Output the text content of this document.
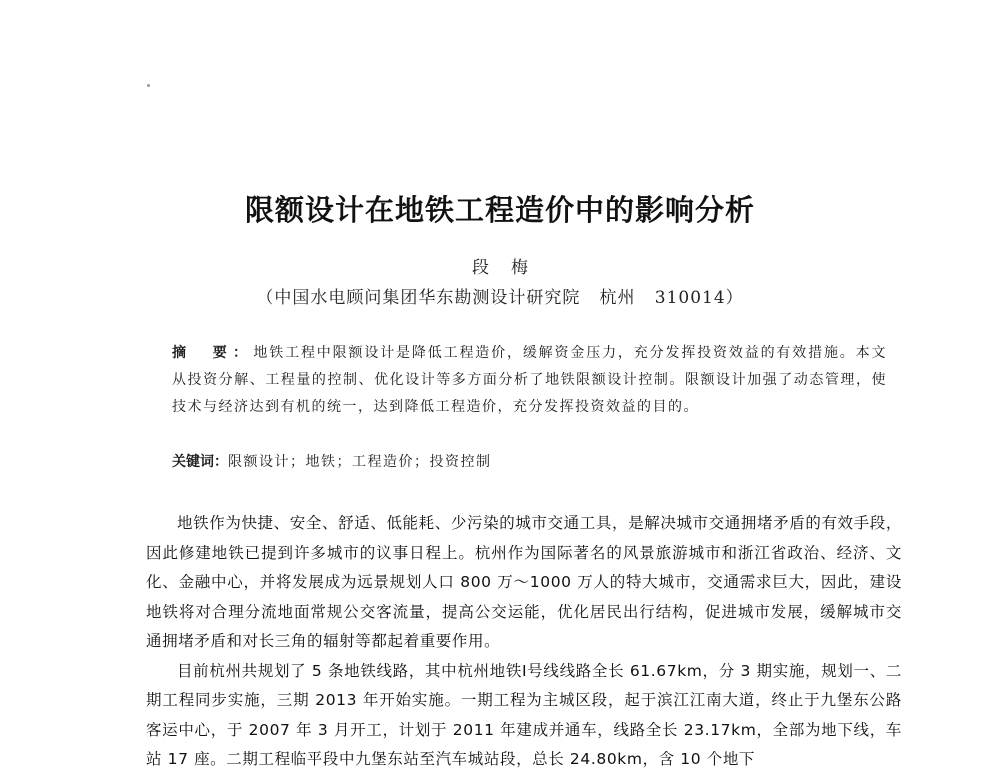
限额设计在地铁工程造价中的影响分析
段梅
（中国水电顾问集团华东勘测设计研究院   杭州   310014）
摘　要：地铁工程中限额设计是降低工程造价，缓解资金压力，充分发挥投资效益的有效措施。本文从投资分解、工程量的控制、优化设计等多方面分析了地铁限额设计控制。限额设计加强了动态管理，使技术与经济达到有机的统一，达到降低工程造价，充分发挥投资效益的目的。
关键词：限额设计；地铁；工程造价；投资控制

地铁作为快捷、安全、舒适、低能耗、少污染的城市交通工具，是解决城市交通拥堵矛盾的有效手段，因此修建地铁已提到许多城市的议事日程上。杭州作为国际著名的风景旅游城市和浙江省政治、经济、文化、金融中心，并将发展成为远景规划人口 800 万～1000 万人的特大城市，交通需求巨大，因此，建设地铁将对合理分流地面常规公交客流量，提高公交运能，优化居民出行结构，促进城市发展，缓解城市交通拥堵矛盾和对长三角的辐射等都起着重要作用。

目前杭州共规划了 5 条地铁线路，其中杭州地铁Ⅰ号线线路全长 61.67km，分 3 期实施，规划一、二期工程同步实施，三期 2013 年开始实施。一期工程为主城区段，起于滨江江南大道，终止于九堡东公路客运中心，于 2007 年 3 月开工，计划于 2011 年建成并通车，线路全长 23.17km，全部为地下线，车站 17 座。二期工程临平段中九堡东站至汽车城站段，总长 24.80km，含 10 个地下
